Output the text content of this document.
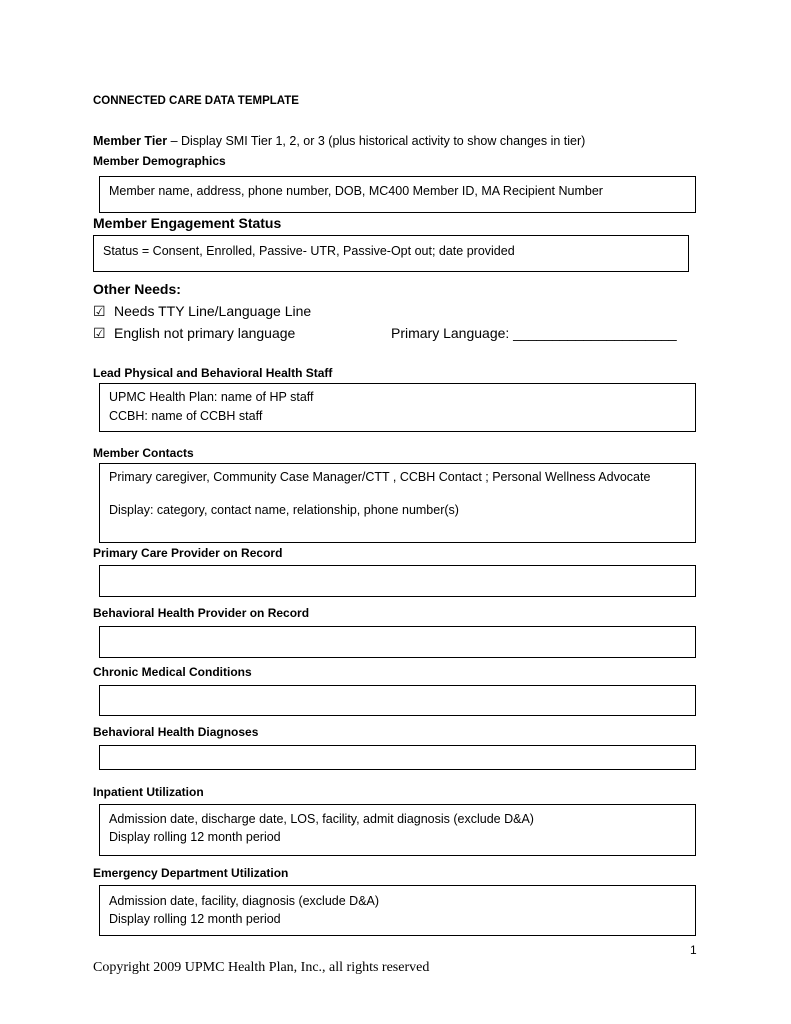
CONNECTED CARE DATA TEMPLATE
Member Tier – Display SMI Tier 1, 2, or 3 (plus historical activity to show changes in tier)
Member Demographics
Member name, address, phone number, DOB, MC400 Member ID, MA Recipient Number
Member Engagement Status
Status = Consent, Enrolled, Passive- UTR, Passive-Opt out; date provided
Other Needs:
☑ Needs TTY Line/Language Line
☑ English not primary language	Primary Language: _____________________
Lead Physical and Behavioral Health Staff
UPMC Health Plan: name of HP staff
CCBH: name of CCBH staff
Member Contacts
Primary caregiver, Community Case Manager/CTT , CCBH Contact ; Personal Wellness Advocate
Display: category, contact name, relationship, phone number(s)
Primary Care Provider on Record
Behavioral Health Provider on Record
Chronic Medical Conditions
Behavioral Health Diagnoses
Inpatient Utilization
Admission date, discharge date, LOS, facility, admit diagnosis (exclude D&A)
Display rolling 12 month period
Emergency Department Utilization
Admission date, facility, diagnosis (exclude D&A)
Display rolling 12 month period
1
Copyright 2009 UPMC Health Plan, Inc., all rights reserved
